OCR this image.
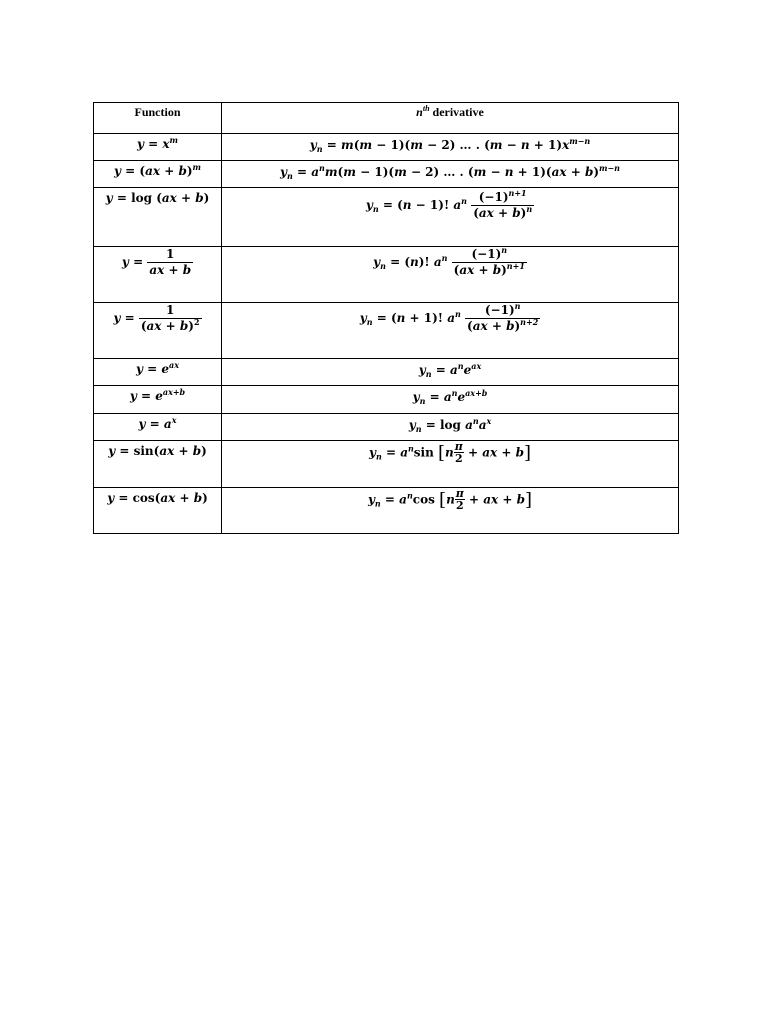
Function	$n^{th}$ derivative
$y = x^m$	$y_n = m(m - 1)(m - 2)$ … . $(m - n + 1)x^{m-n}$
y = (ax + b)$^m$	$y_n = a^nm(m - 1)(m - 2)$ … . (m − n + 1)(ax + b)$^{m-n}$
y = log (ax + b)	$y_n = (n - 1)$! $a^n \frac{(-1)^{n+1}}{(ax + b)^n}$

$y = \frac{1}{ax + b}$	$y_n = (n)$! $a^n \frac{(-1)^n}{(ax + b)^{n+1}}$

$y = \frac{1}{(ax + b)^2}$	$y_n = (n + 1)$! $a^n \frac{(-1)^n}{(ax + b)^{n+2}}$

$y = e^{ax}$	$y_n = a^ne^{ax}$
$y = e^{ax+b}$	$y_n = a^ne^{ax+b}$
$y = a^x$	$y_n = \log a^na^x$
y = sin(ax + b)	$y_n = a^n\sin$ [$n \frac{\pi}{2}$ + ax + b]
y = cos(ax + b)	$y_n = a^n\cos$ [$n \frac{\pi}{2}$ + ax + b]
